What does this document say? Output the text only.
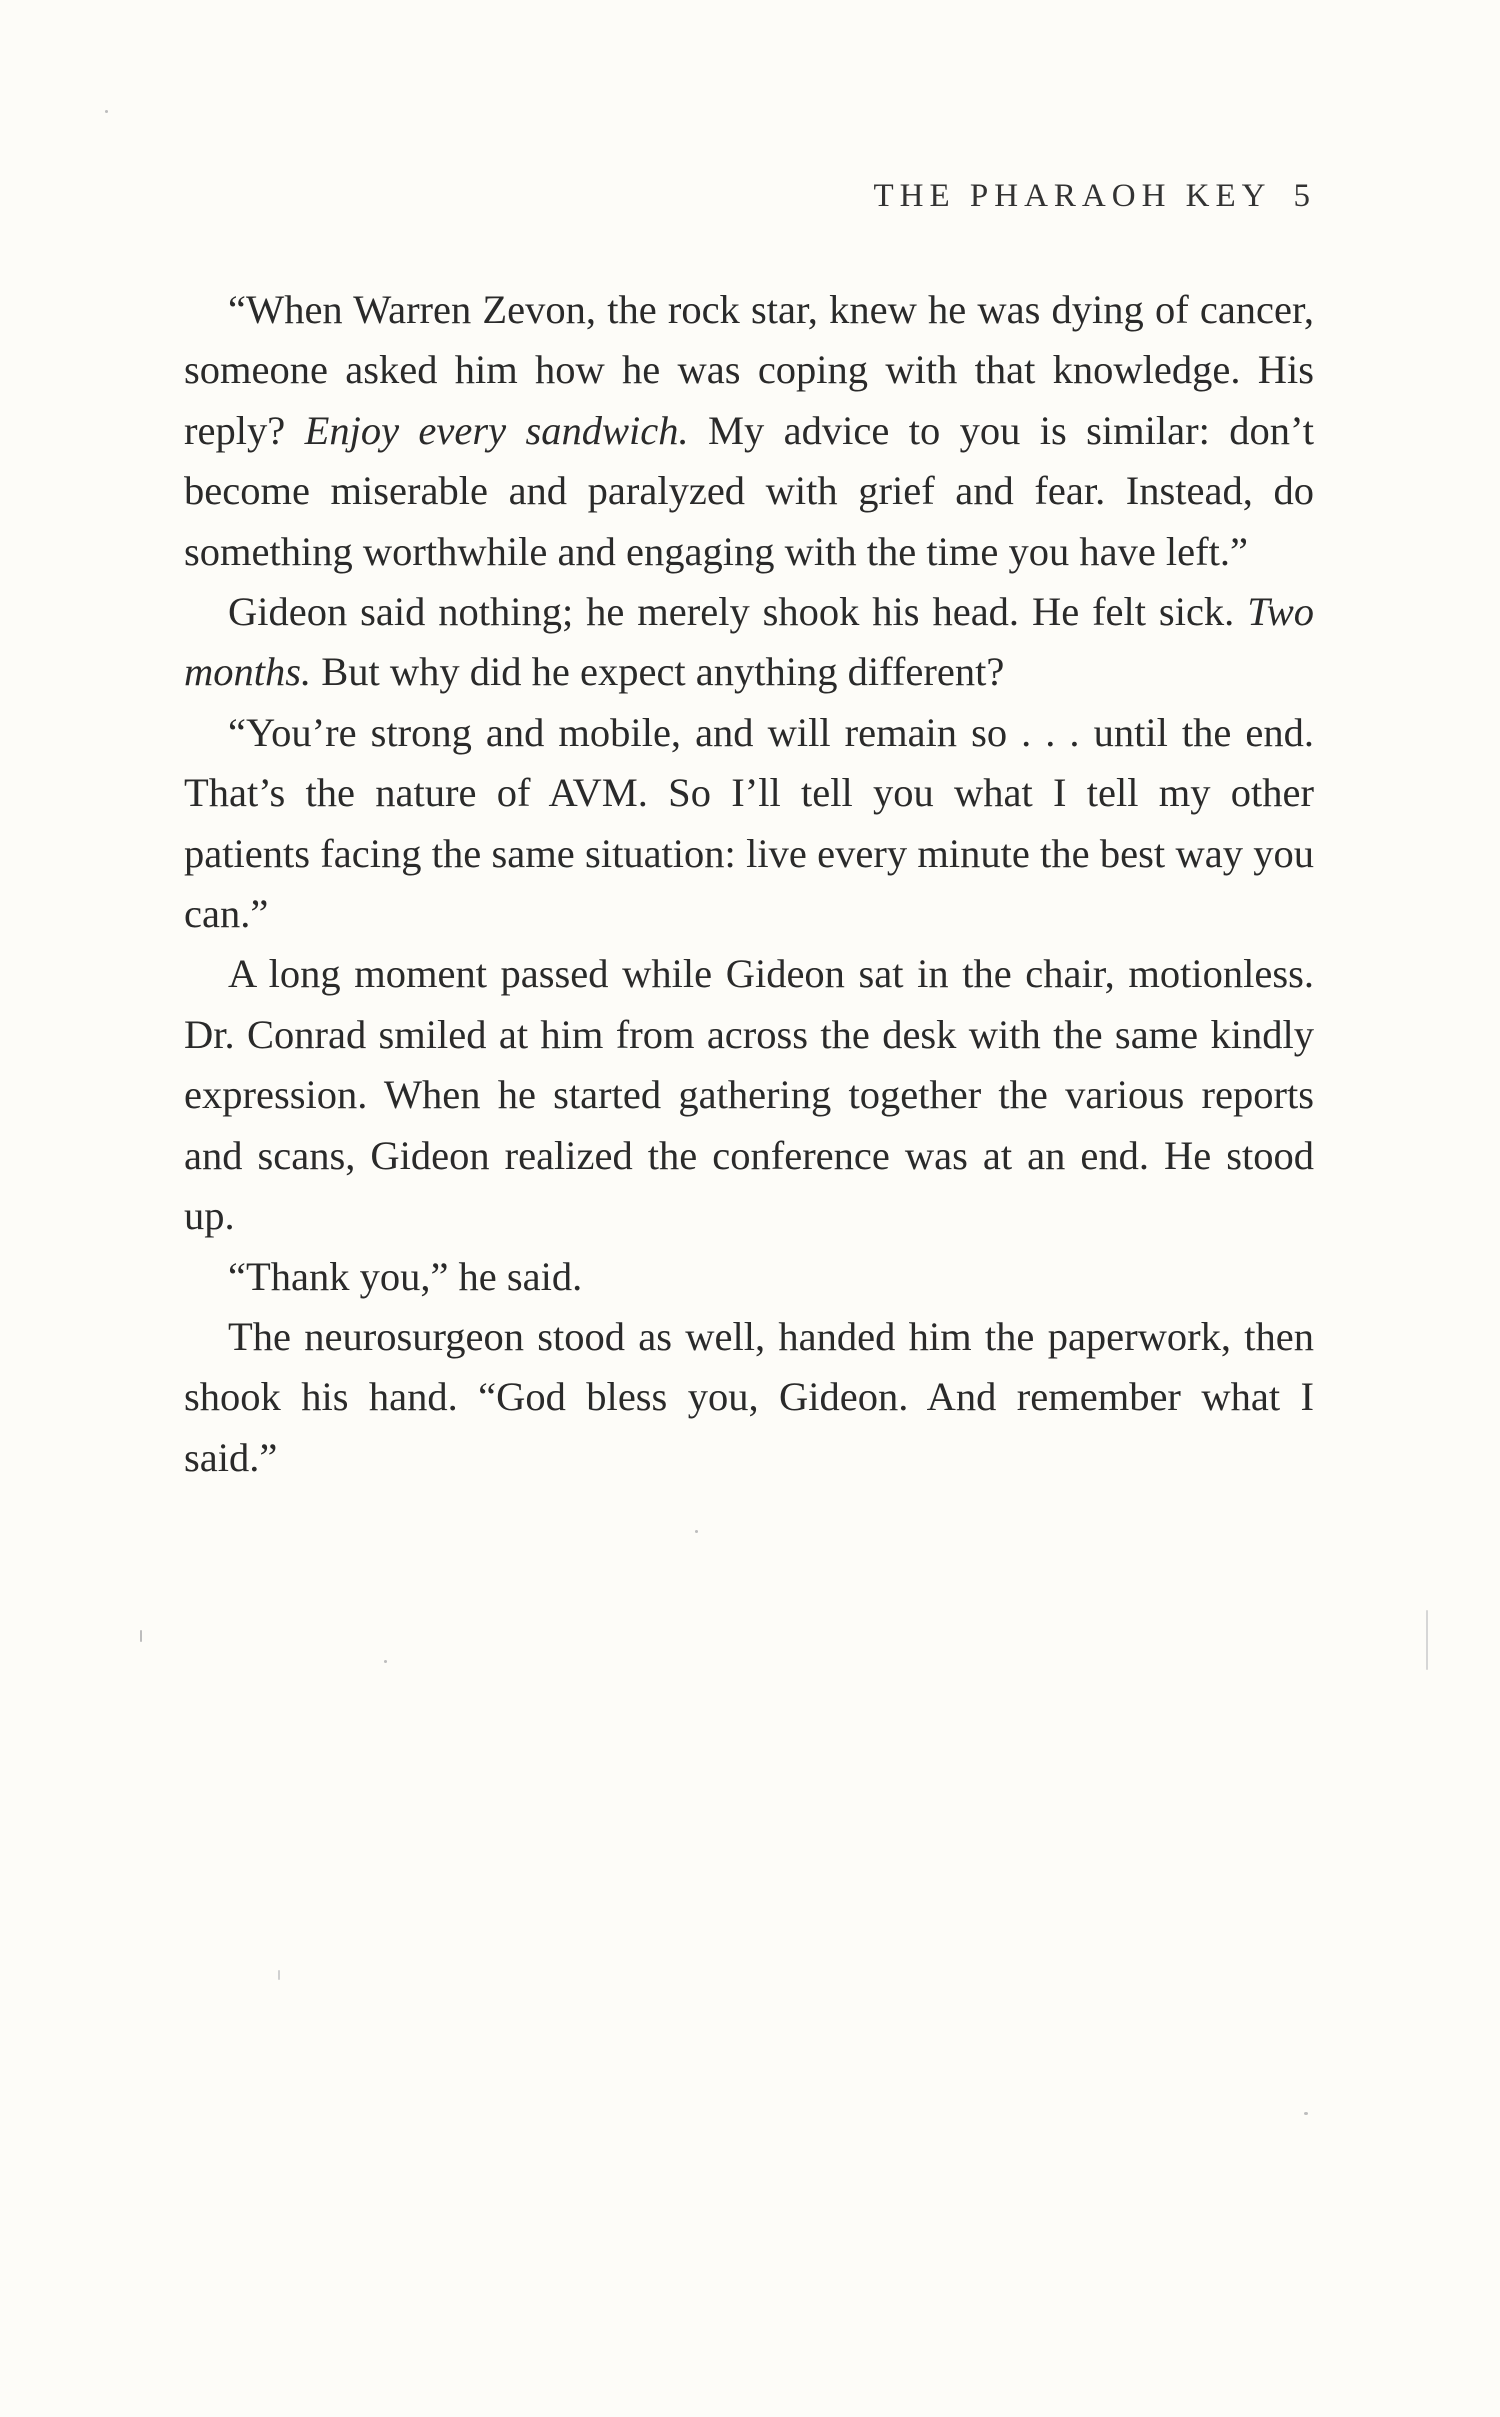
THE PHARAOH KEY 5

“When Warren Zevon, the rock star, knew he was dying of cancer, someone asked him how he was coping with that knowledge. His reply? Enjoy every sandwich. My advice to you is similar: don’t become miserable and paralyzed with grief and fear. Instead, do something worthwhile and engaging with the time you have left.”

Gideon said nothing; he merely shook his head. He felt sick. Two months. But why did he expect anything different?

“You’re strong and mobile, and will remain so . . . until the end. That’s the nature of AVM. So I’ll tell you what I tell my other patients facing the same situation: live every minute the best way you can.”

A long moment passed while Gideon sat in the chair, motionless. Dr. Conrad smiled at him from across the desk with the same kindly expression. When he started gathering together the various reports and scans, Gideon realized the conference was at an end. He stood up.

“Thank you,” he said.

The neurosurgeon stood as well, handed him the paperwork, then shook his hand. “God bless you, Gideon. And remember what I said.”
